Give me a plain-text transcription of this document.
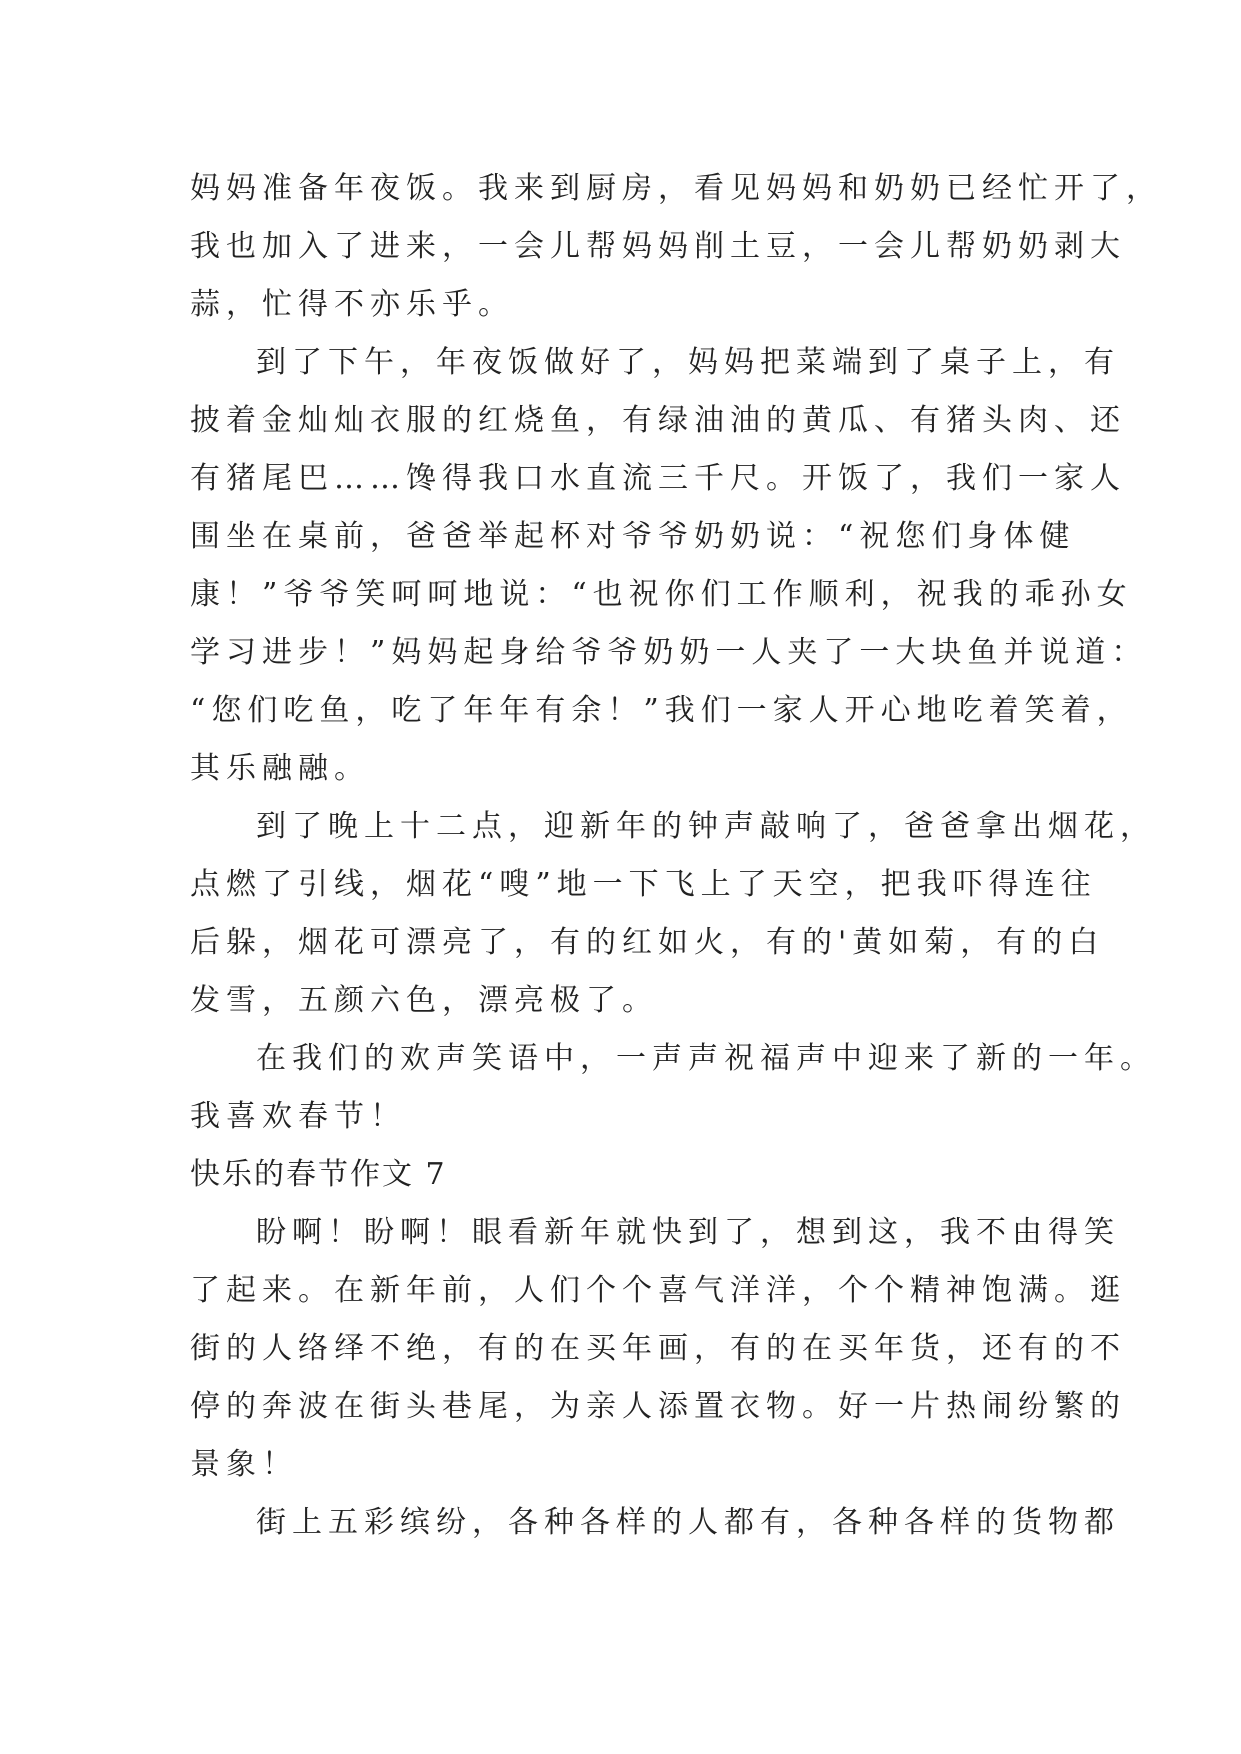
妈妈准备年夜饭。我来到厨房，看见妈妈和奶奶已经忙开了，
我也加入了进来，一会儿帮妈妈削土豆，一会儿帮奶奶剥大
蒜，忙得不亦乐乎。
到了下午，年夜饭做好了，妈妈把菜端到了桌子上，有
披着金灿灿衣服的红烧鱼，有绿油油的黄瓜、有猪头肉、还
有猪尾巴……馋得我口水直流三千尺。开饭了，我们一家人
围坐在桌前，爸爸举起杯对爷爷奶奶说：“祝您们身体健
康！”爷爷笑呵呵地说：“也祝你们工作顺利，祝我的乖孙女
学习进步！”妈妈起身给爷爷奶奶一人夹了一大块鱼并说道：
“您们吃鱼，吃了年年有余！”我们一家人开心地吃着笑着，
其乐融融。
到了晚上十二点，迎新年的钟声敲响了，爸爸拿出烟花，
点燃了引线，烟花“嗖”地一下飞上了天空，把我吓得连往
后躲，烟花可漂亮了，有的红如火，有的'黄如菊，有的白
发雪，五颜六色，漂亮极了。
在我们的欢声笑语中，一声声祝福声中迎来了新的一年。
我喜欢春节！
快乐的春节作文 7
盼啊！盼啊！眼看新年就快到了，想到这，我不由得笑
了起来。在新年前，人们个个喜气洋洋，个个精神饱满。逛
街的人络绎不绝，有的在买年画，有的在买年货，还有的不
停的奔波在街头巷尾，为亲人添置衣物。好一片热闹纷繁的
景象！
街上五彩缤纷，各种各样的人都有，各种各样的货物都
